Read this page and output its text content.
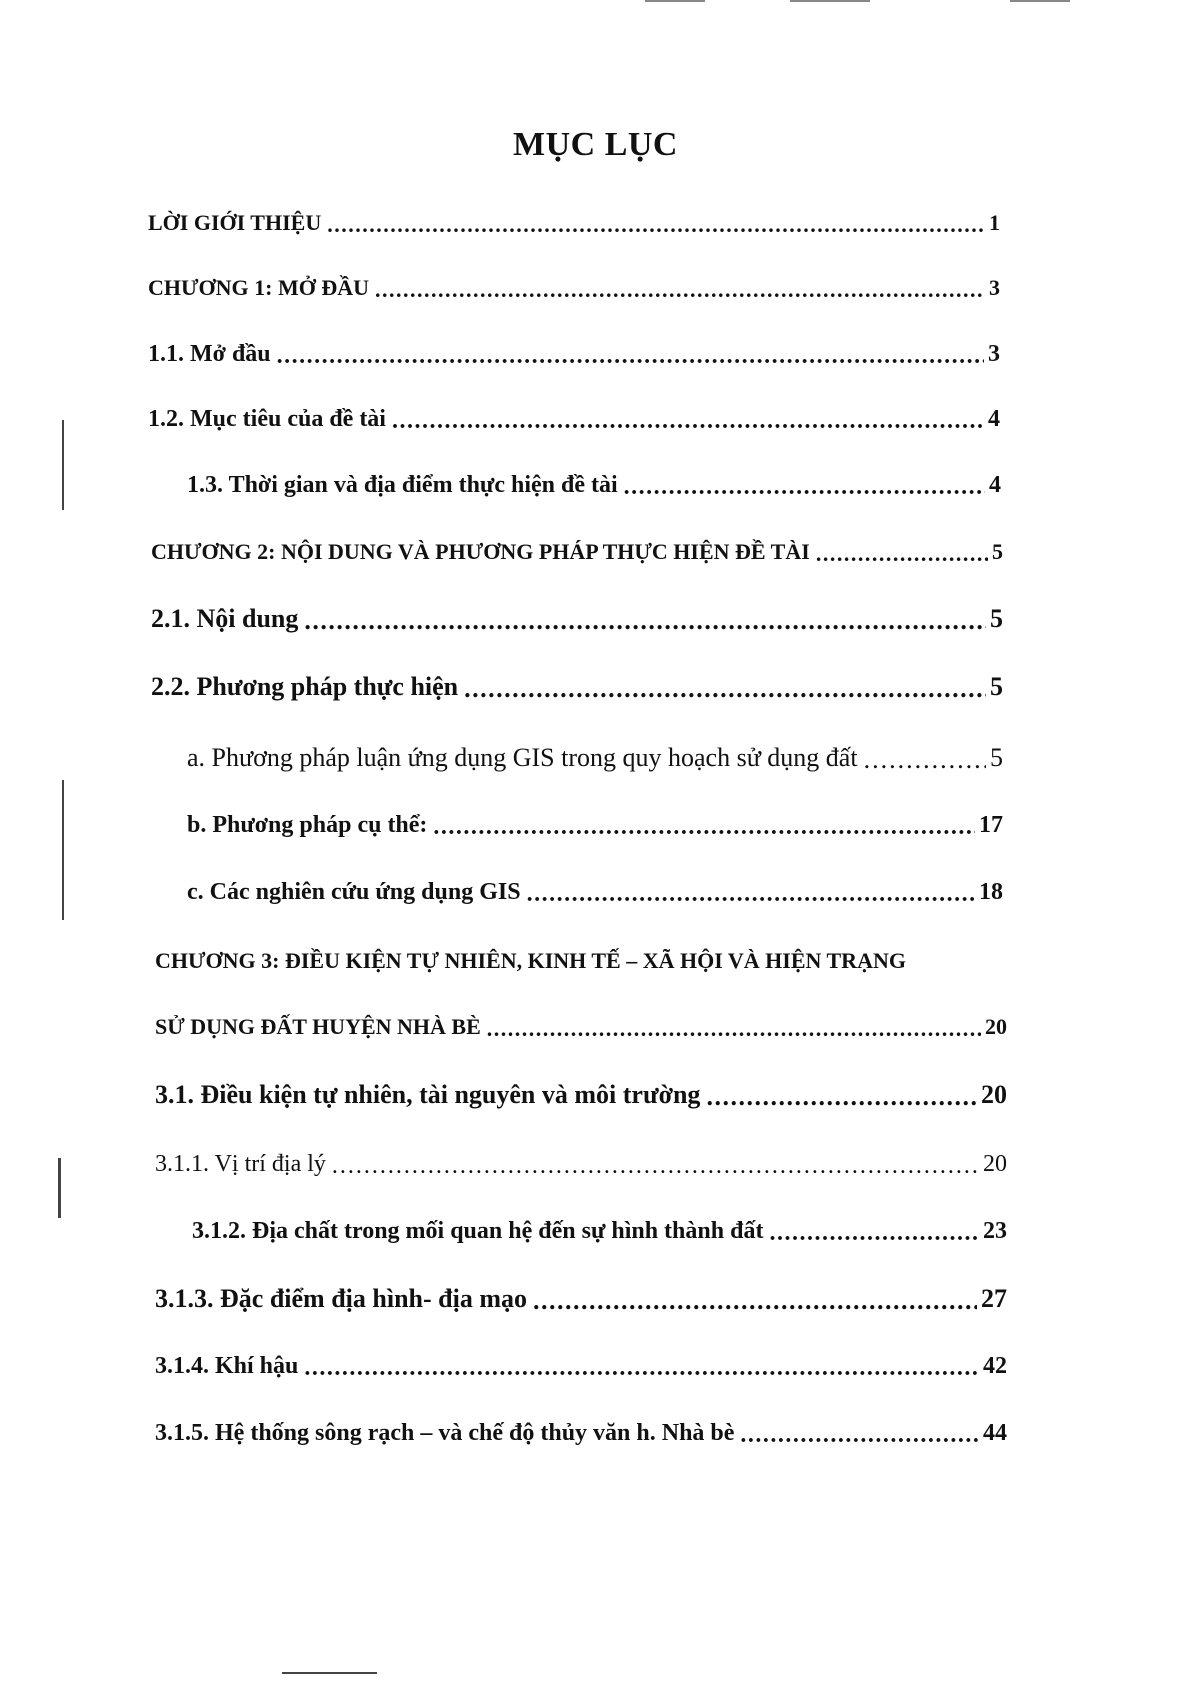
MỤC LỤC
LỜI GIỚI THIỆU .....	1
CHƯƠNG 1: MỞ ĐẦU .....	3
1.1. Mở đầu .....	3
1.2. Mục tiêu của đề tài .....	4
1.3. Thời gian và địa điểm thực hiện đề tài .....	4
CHƯƠNG 2: NỘI DUNG VÀ PHƯƠNG PHÁP THỰC HIỆN ĐỀ TÀI .....	5
2.1. Nội dung .....	5
2.2. Phương pháp thực hiện .....	5
a. Phương pháp luận ứng dụng GIS trong quy hoạch sử dụng đất .....	5
b. Phương pháp cụ thể: .....	17
c. Các nghiên cứu ứng dụng GIS .....	18
CHƯƠNG 3: ĐIỀU KIỆN TỰ NHIÊN, KINH TẾ – XÃ HỘI VÀ HIỆN TRẠNG
SỬ DỤNG ĐẤT HUYỆN NHÀ BÈ .....	20
3.1. Điều kiện tự nhiên, tài nguyên và môi trường .....	20
3.1.1. Vị trí địa lý .....	20
3.1.2. Địa chất trong mối quan hệ đến sự hình thành đất .....	23
3.1.3. Đặc điểm địa hình- địa mạo .....	27
3.1.4. Khí hậu .....	42
3.1.5. Hệ thống sông rạch – và chế độ thủy văn h. Nhà bè .....	44
